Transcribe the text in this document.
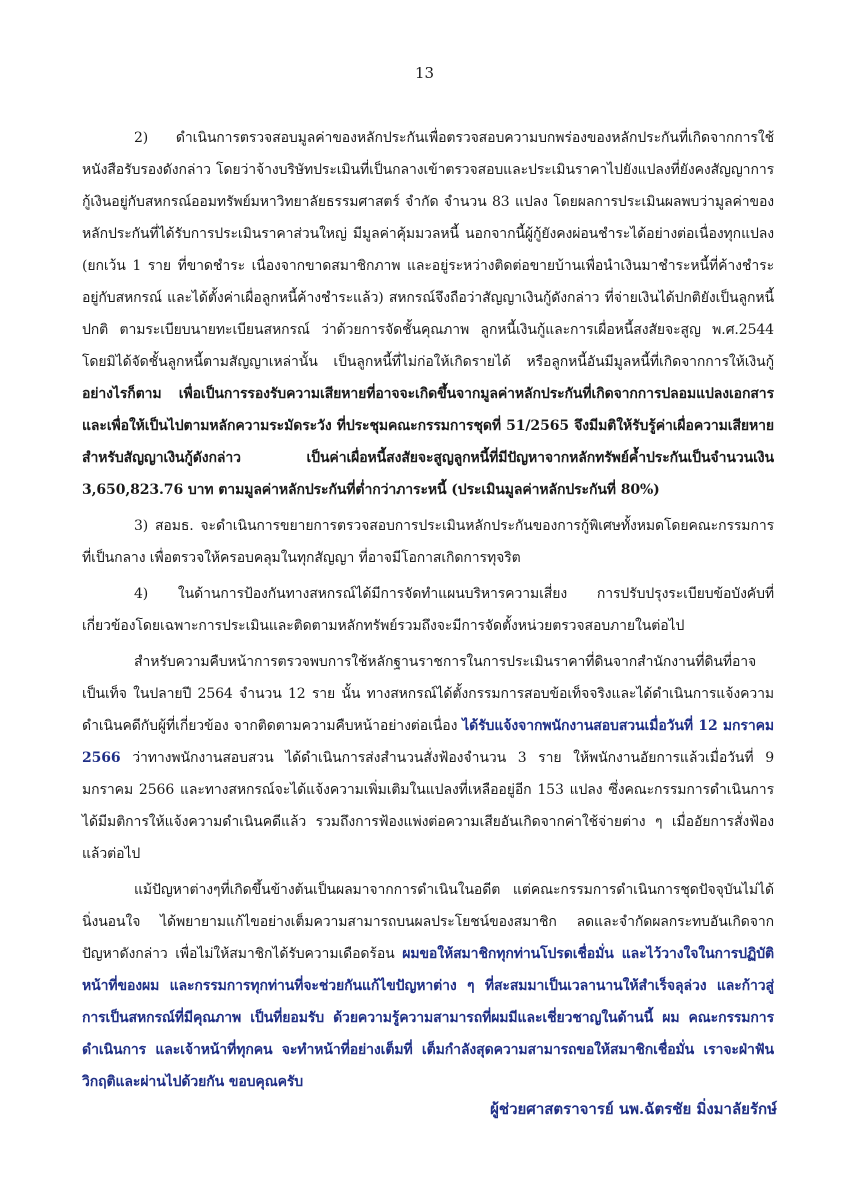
13

2) ดำเนินการตรวจสอบมูลค่าของหลักประกันเพื่อตรวจสอบความบกพร่องของหลักประกันที่เกิดจากการใช้หนังสือรับรองดังกล่าว โดยว่าจ้างบริษัทประเมินที่เป็นกลางเข้าตรวจสอบและประเมินราคาไปยังแปลงที่ยังคงสัญญาการกู้เงินอยู่กับสหกรณ์ออมทรัพย์มหาวิทยาลัยธรรมศาสตร์ จำกัด จำนวน 83 แปลง โดยผลการประเมินผลพบว่ามูลค่าของหลักประกันที่ได้รับการประเมินราคาส่วนใหญ่ มีมูลค่าคุ้มมวลหนี้ นอกจากนี้ผู้กู้ยังคงผ่อนชำระได้อย่างต่อเนื่องทุกแปลง (ยกเว้น 1 ราย ที่ขาดชำระ เนื่องจากขาดสมาชิกภาพ และอยู่ระหว่างติดต่อขายบ้านเพื่อนำเงินมาชำระหนี้ที่ค้างชำระอยู่กับสหกรณ์ และได้ตั้งค่าเผื่อลูกหนี้ค้างชำระแล้ว) สหกรณ์จึงถือว่าสัญญาเงินกู้ดังกล่าว ที่จ่ายเงินได้ปกติยังเป็นลูกหนี้ปกติ ตามระเบียบนายทะเบียนสหกรณ์ ว่าด้วยการจัดชั้นคุณภาพ ลูกหนี้เงินกู้และการเผื่อหนี้สงสัยจะสูญ พ.ศ.2544 โดยมิได้จัดชั้นลูกหนี้ตามสัญญาเหล่านั้น เป็นลูกหนี้ที่ไม่ก่อให้เกิดรายได้ หรือลูกหนี้อันมีมูลหนี้ที่เกิดจากการให้เงินกู้ อย่างไรก็ตาม เพื่อเป็นการรองรับความเสียหายที่อาจจะเกิดขึ้นจากมูลค่าหลักประกันที่เกิดจากการปลอมแปลงเอกสาร และเพื่อให้เป็นไปตามหลักความระมัดระวัง ที่ประชุมคณะกรรมการชุดที่ 51/2565 จึงมีมติให้รับรู้ค่าเผื่อความเสียหายสำหรับสัญญาเงินกู้ดังกล่าว เป็นค่าเผื่อหนี้สงสัยจะสูญลูกหนี้ที่มีปัญหาจากหลักทรัพย์ค้ำประกันเป็นจำนวนเงิน 3,650,823.76 บาท ตามมูลค่าหลักประกันที่ต่ำกว่าภาระหนี้ (ประเมินมูลค่าหลักประกันที่ 80%)

3) สอมธ. จะดำเนินการขยายการตรวจสอบการประเมินหลักประกันของการกู้พิเศษทั้งหมดโดยคณะกรรมการที่เป็นกลาง เพื่อตรวจให้ครอบคลุมในทุกสัญญา ที่อาจมีโอกาสเกิดการทุจริต

4) ในด้านการป้องกันทางสหกรณ์ได้มีการจัดทำแผนบริหารความเสี่ยง การปรับปรุงระเบียบข้อบังคับที่เกี่ยวข้องโดยเฉพาะการประเมินและติดตามหลักทรัพย์รวมถึงจะมีการจัดตั้งหน่วยตรวจสอบภายในต่อไป

สำหรับความคืบหน้าการตรวจพบการใช้หลักฐานราชการในการประเมินราคาที่ดินจากสำนักงานที่ดินที่อาจเป็นเท็จ ในปลายปี 2564 จำนวน 12 ราย นั้น ทางสหกรณ์ได้ตั้งกรรมการสอบข้อเท็จจริงและได้ดำเนินการแจ้งความดำเนินคดีกับผู้ที่เกี่ยวข้อง จากติดตามความคืบหน้าอย่างต่อเนื่อง ได้รับแจ้งจากพนักงานสอบสวนเมื่อวันที่ 12 มกราคม 2566 ว่าทางพนักงานสอบสวน ได้ดำเนินการส่งสำนวนสั่งฟ้องจำนวน 3 ราย ให้พนักงานอัยการแล้วเมื่อวันที่ 9 มกราคม 2566 และทางสหกรณ์จะได้แจ้งความเพิ่มเติมในแปลงที่เหลืออยู่อีก 153 แปลง ซึ่งคณะกรรมการดำเนินการได้มีมติการให้แจ้งความดำเนินคดีแล้ว รวมถึงการฟ้องแพ่งต่อความเสียอันเกิดจากค่าใช้จ่ายต่าง ๆ เมื่ออัยการสั่งฟ้องแล้วต่อไป

แม้ปัญหาต่างๆที่เกิดขึ้นข้างต้นเป็นผลมาจากการดำเนินในอดีต แต่คณะกรรมการดำเนินการชุดปัจจุบันไม่ได้นิ่งนอนใจ ได้พยายามแก้ไขอย่างเต็มความสามารถบนผลประโยชน์ของสมาชิก ลดและจำกัดผลกระทบอันเกิดจากปัญหาดังกล่าว เพื่อไม่ให้สมาชิกได้รับความเดือดร้อน ผมขอให้สมาชิกทุกท่านโปรดเชื่อมั่น และไว้วางใจในการปฏิบัติหน้าที่ของผม และกรรมการทุกท่านที่จะช่วยกันแก้ไขปัญหาต่าง ๆ ที่สะสมมาเป็นเวลานานให้สำเร็จลุล่วง และก้าวสู่การเป็นสหกรณ์ที่มีคุณภาพ เป็นที่ยอมรับ ด้วยความรู้ความสามารถที่ผมมีและเชี่ยวชาญในด้านนี้ ผม คณะกรรมการดำเนินการ และเจ้าหน้าที่ทุกคน จะทำหน้าที่อย่างเต็มที่ เต็มกำลังสุดความสามารถขอให้สมาชิกเชื่อมั่น เราจะฝ่าฟันวิกฤติและผ่านไปด้วยกัน ขอบคุณครับ

ผู้ช่วยศาสตราจารย์ นพ.ฉัตรชัย มิ่งมาลัยรักษ์
